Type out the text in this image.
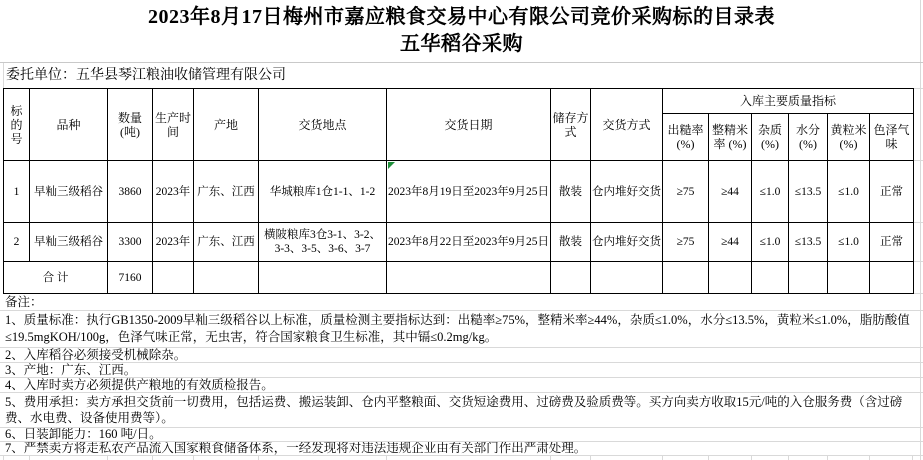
2023年8月17日梅州市嘉应粮食交易中心有限公司竞价采购标的目录表
五华稻谷采购
委托单位：五华县琴江粮油收储管理有限公司
标的号	品种	数量 (吨)	生产时间	产地	交货地点	交货日期	储存方式	交货方式	入库主要质量指标					
									出糙率 (%)	整精米率 (%)	杂质 (%)	水分 (%)	黄粒米 (%)	色泽气味
1	早籼三级稻谷	3860	2023年	广东、江西	华城粮库1仓1-1、1-2	2023年8月19日至2023年9月25日	散装	仓内堆好交货	≥75	≥44	≤1.0	≤13.5	≤1.0	正常
2	早籼三级稻谷	3300	2023年	广东、江西	横陂粮库3仓3-1、3-2、3-3、3-5、3-6、3-7	2023年8月22日至2023年9月25日	散装	仓内堆好交货	≥75	≥44	≤1.0	≤13.5	≤1.0	正常
合 计		7160												
备注：
1、质量标准：执行GB1350-2009早籼三级稻谷以上标准，质量检测主要指标达到：出糙率≥75%，整精米率≥44%，杂质≤1.0%，水分≤13.5%，黄粒米≤1.0%，脂肪酸值≤19.5mgKOH/100g，色泽气味正常，无虫害，符合国家粮食卫生标准，其中镉≤0.2mg/kg。
2、入库稻谷必须接受机械除杂。
3、产地：广东、江西。
4、入库时卖方必须提供产粮地的有效质检报告。
5、费用承担：卖方承担交货前一切费用，包括运费、搬运装卸、仓内平整粮面、交货短途费用、过磅费及验质费等。买方向卖方收取15元/吨的入仓服务费（含过磅费、水电费、设备使用费等）。
6、日装卸能力：160 吨/日。
7、严禁卖方将走私农产品流入国家粮食储备体系，一经发现将对违法违规企业由有关部门作出严肃处理。
